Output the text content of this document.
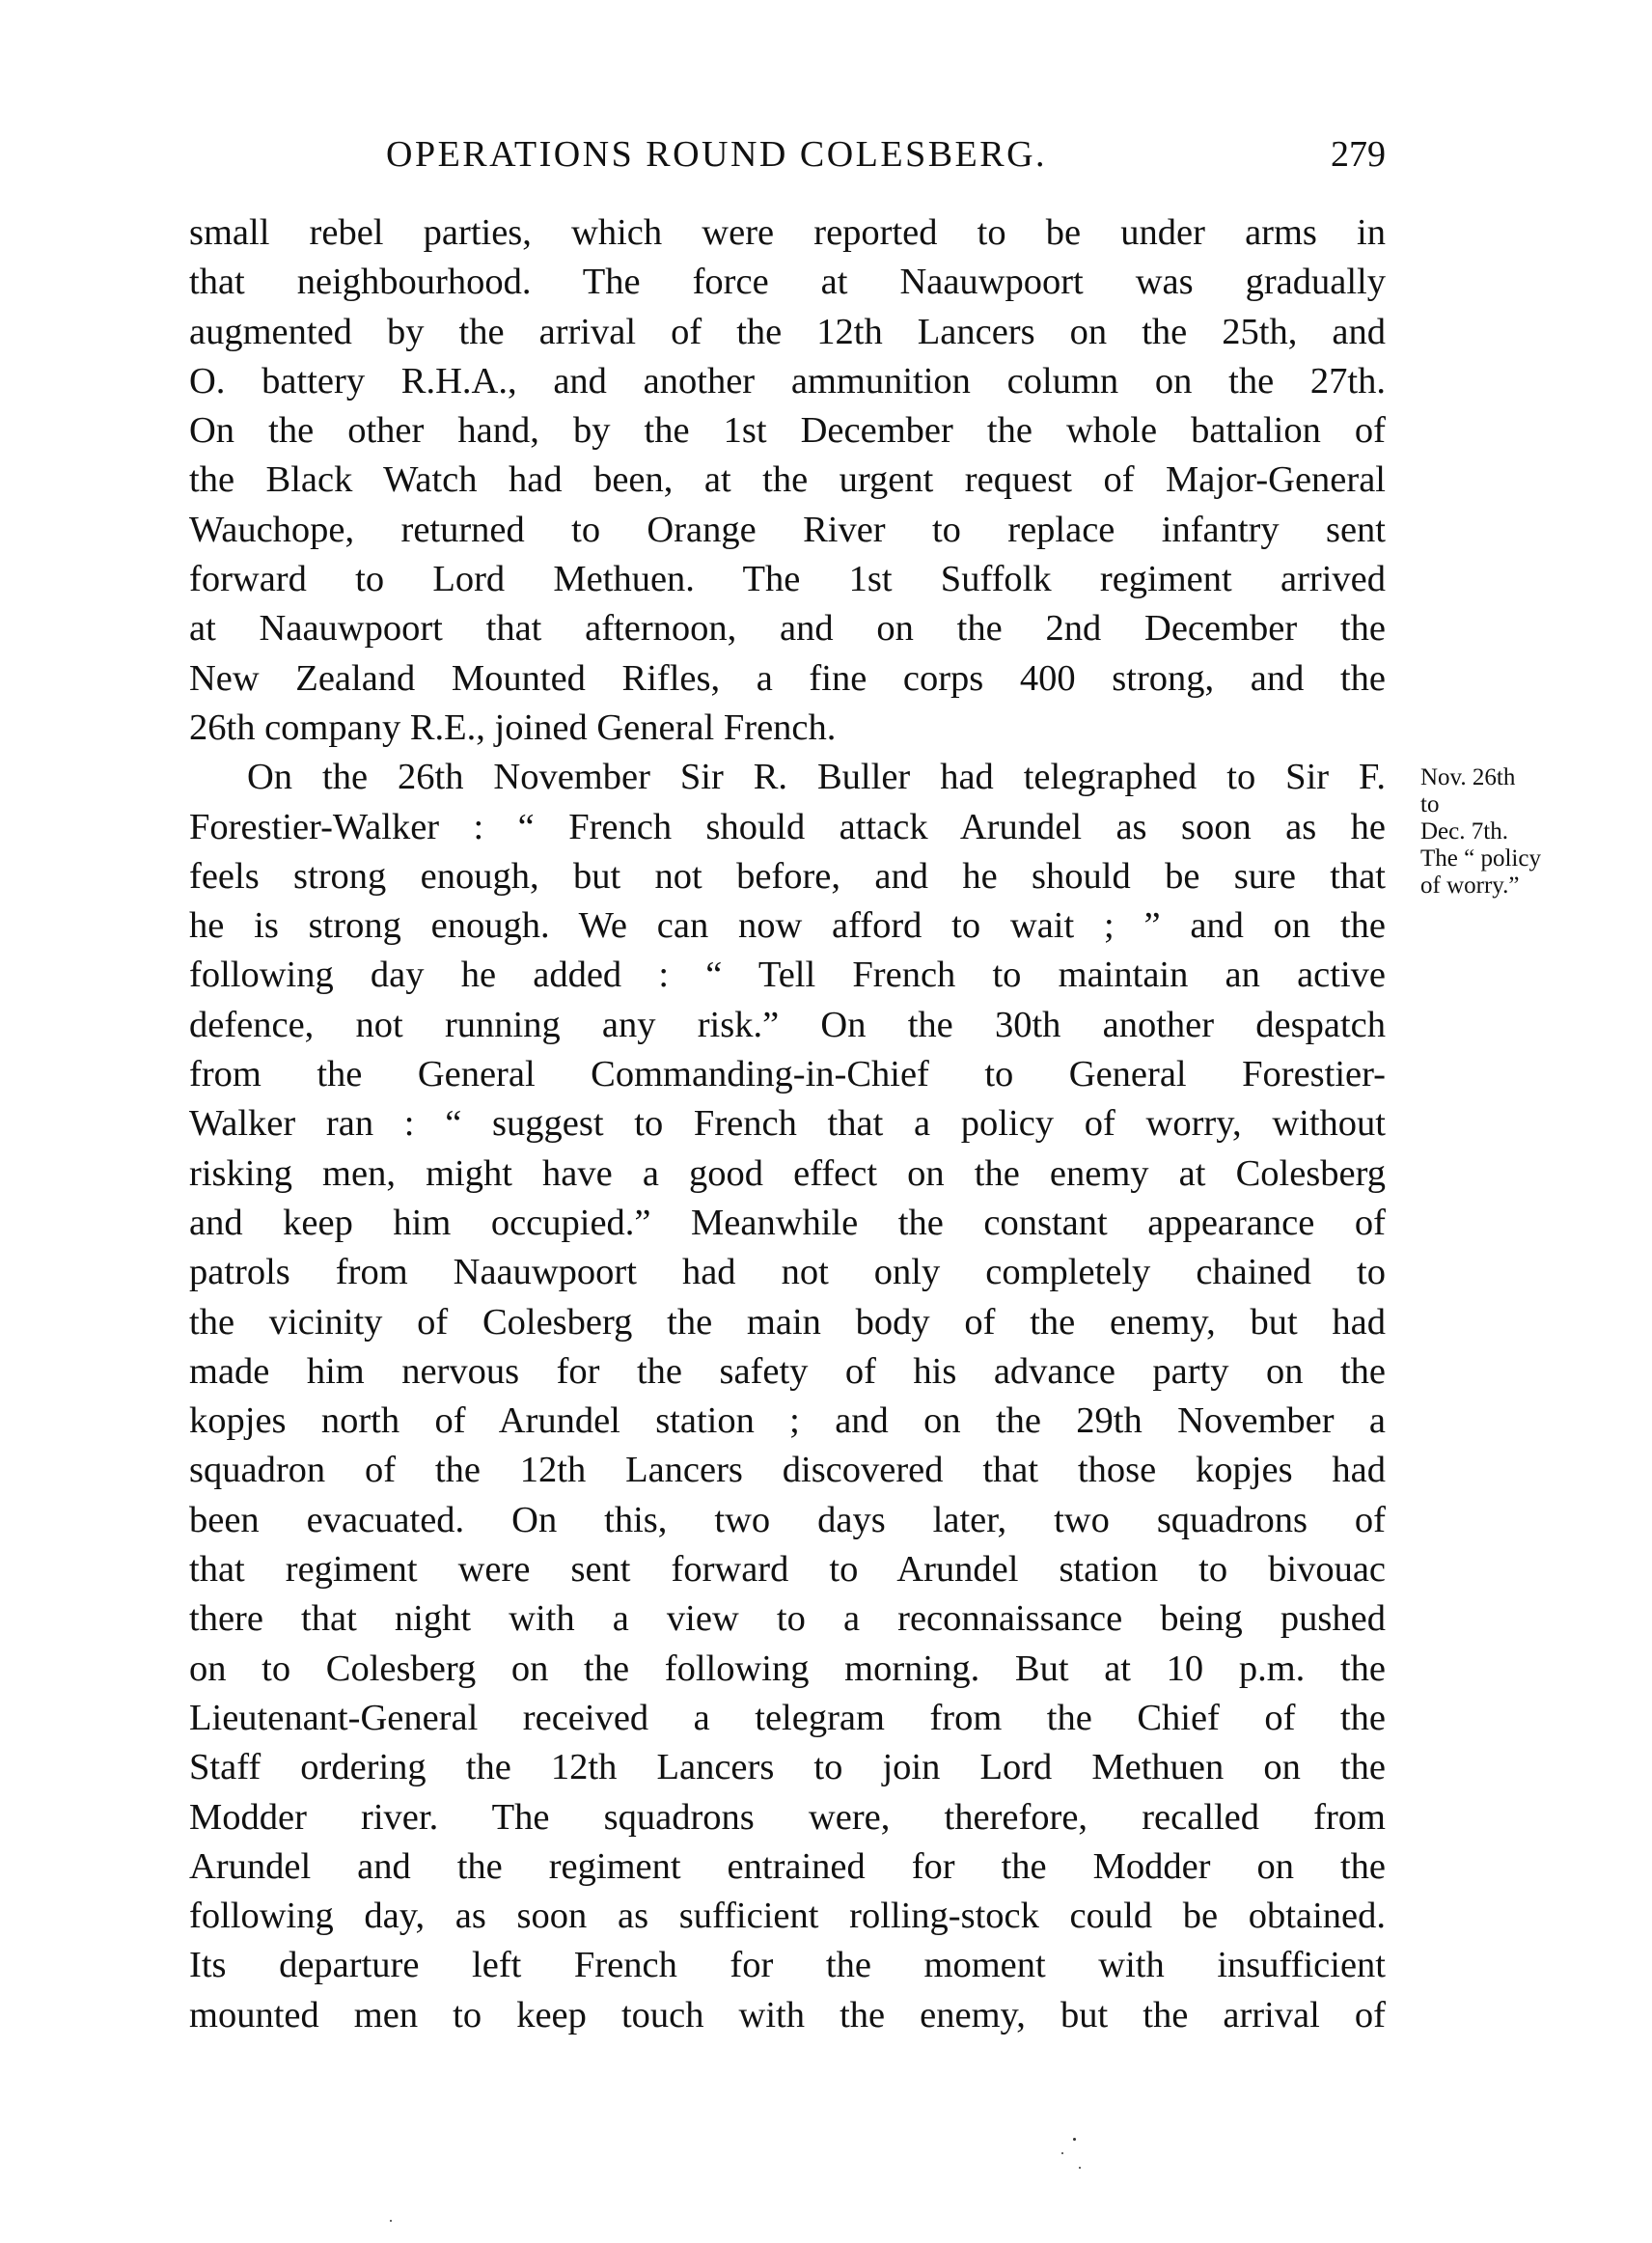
OPERATIONS ROUND COLESBERG.	279
small rebel parties, which were reported to be under arms in
that neighbourhood. The force at Naauwpoort was gradually
augmented by the arrival of the 12th Lancers on the 25th, and
O. battery R.H.A., and another ammunition column on the 27th.
On the other hand, by the 1st December the whole battalion of
the Black Watch had been, at the urgent request of Major-General
Wauchope, returned to Orange River to replace infantry sent
forward to Lord Methuen. The 1st Suffolk regiment arrived
at Naauwpoort that afternoon, and on the 2nd December the
New Zealand Mounted Rifles, a fine corps 400 strong, and the
26th company R.E., joined General French.
On the 26th November Sir R. Buller had telegraphed to Sir F.
Forestier-Walker : “ French should attack Arundel as soon as he
feels strong enough, but not before, and he should be sure that
he is strong enough. We can now afford to wait ; ” and on the
following day he added : “ Tell French to maintain an active
defence, not running any risk.” On the 30th another despatch
from the General Commanding-in-Chief to General Forestier-
Walker ran : “ suggest to French that a policy of worry, without
risking men, might have a good effect on the enemy at Colesberg
and keep him occupied.” Meanwhile the constant appearance of
patrols from Naauwpoort had not only completely chained to
the vicinity of Colesberg the main body of the enemy, but had
made him nervous for the safety of his advance party on the
kopjes north of Arundel station ; and on the 29th November a
squadron of the 12th Lancers discovered that those kopjes had
been evacuated. On this, two days later, two squadrons of
that regiment were sent forward to Arundel station to bivouac
there that night with a view to a reconnaissance being pushed
on to Colesberg on the following morning. But at 10 p.m. the
Lieutenant-General received a telegram from the Chief of the
Staff ordering the 12th Lancers to join Lord Methuen on the
Modder river. The squadrons were, therefore, recalled from
Arundel and the regiment entrained for the Modder on the
following day, as soon as sufficient rolling-stock could be obtained.
Its departure left French for the moment with insufficient
mounted men to keep touch with the enemy, but the arrival of
Nov. 26th
to
Dec. 7th.
The “ policy
of worry.”
